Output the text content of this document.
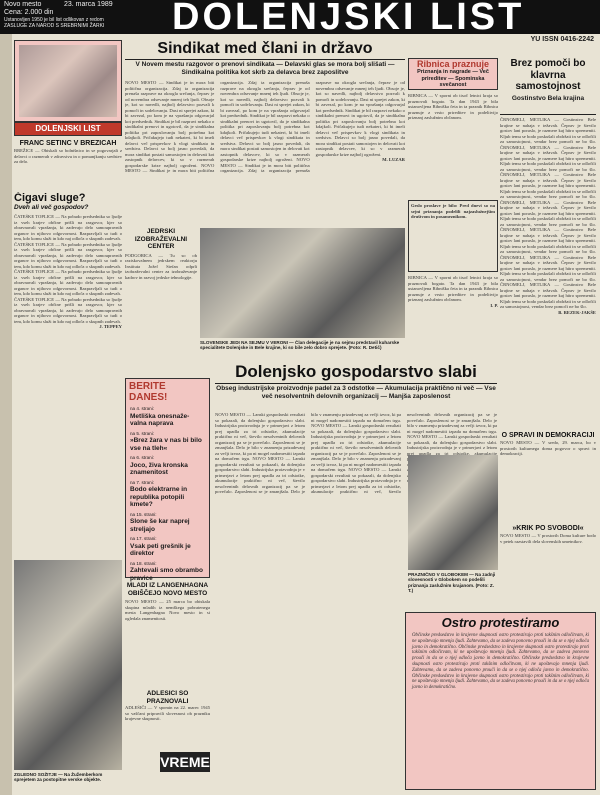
Novo mesto	23. marca 1989
Cena: 2.000 din
Ustanovljen 1950 je bil list odlikovan z redom
ZASLUGE ZA NAROD S SREBRNIMI ŽARKI DOLENJSKI LIST
YU ISSN 0416-2242
Sindikat med člani in državo
V Novem mestu razgovor o prenovi sindikata — Delavski glas se mora bolj slišati — Sindikalna politika kot skrb za delavca brez zaposlitve
NOVO MESTO — Sindikat je in mora biti politična organizacija. Zdaj ta organizacija prenaša razprave na okrogla srečanja, čeprav je od novembra odsevanje mnenj teh ljudi. Obsoje je, kot so navedli, najbolj delavstvo pozvali k pomoči in sodelovanju. Dasi ni sprejet zakon, ki bi zavezal, po kom je na vprašanja odgovarjal kot predsednik. Sindikat je bil razpravi nekako o sindikalni prenovi in ugotovil, da je sindikalna politika pri zaposlovanju bolj potrebna kot kdajkoli. Pričakujejo tudi nekateri, ki bi imeli delavci več prispevkov k vlogi sindikata in sredstva. Delavci so bolj jasno povedali, da mora sindikat postati samostojen in delovati kot zastopnik delavcev, ki so v razmerah gospodarske krize najbolj ogroženi. NOVO MESTO — Sindikat je in mora biti politična organizacija. Zdaj ta organizacija prenaša razprave na okrogla srečanja, čeprav je od novembra odsevanje mnenj teh ljudi. Obsoje je, kot so navedli, najbolj delavstvo pozvali k pomoči in sodelovanju. Dasi ni sprejet zakon, ki bi zavezal, po kom je na vprašanja odgovarjal kot predsednik. Sindikat je bil razpravi nekako o sindikalni prenovi in ugotovil, da je sindikalna politika pri zaposlovanju bolj potrebna kot kdajkoli. Pričakujejo tudi nekateri, ki bi imeli delavci več prispevkov k vlogi sindikata in sredstva. Delavci so bolj jasno povedali, da mora sindikat postati samostojen in delovati kot zastopnik delavcev, ki so v razmerah gospodarske krize najbolj ogroženi. NOVO MESTO — Sindikat je in mora biti politična organizacija. Zdaj ta organizacija prenaša razprave na okrogla srečanja, čeprav je od novembra odsevanje mnenj teh ljudi. Obsoje je, kot so navedli, najbolj delavstvo pozvali k pomoči in sodelovanju. Dasi ni sprejet zakon, ki bi zavezal, po kom je na vprašanja odgovarjal kot predsednik. Sindikat je bil razpravi nekako o sindikalni prenovi in ugotovil, da je sindikalna politika pri zaposlovanju bolj potrebna kot kdajkoli. Pričakujejo tudi nekateri, ki bi imeli delavci več prispevkov k vlogi sindikata in sredstva. Delavci so bolj jasno povedali, da mora sindikat postati samostojen in delovati kot zastopnik delavcev, ki so v razmerah gospodarske krize najbolj ogroženi.
M. LUZAR
DOLENJSKI LIST
FRANC ŠETINC V BREŽICAH
BREŽICE — Obiskali so bolnišnico in se pogovarjali z delavci o razmerah v zdravstvu in o pomanjkanju sredstev za delo.
Čigavi sluge?
Dveh ali več gospodov?
ČATEŠKE TOPLICE — Na pobudo predsednika so ljudje iz vseh krajev občine prišli na razgovor, kjer so obravnavali vprašanja, ki zadevajo delo samoupravnih organov in njihovo odgovornost. Razpravljali so tudi o tem, kdo komu služi in kdo naj odloča o skupnih zadevah.
ČATEŠKE TOPLICE — Na pobudo predsednika so ljudje iz vseh krajev občine prišli na razgovor, kjer so obravnavali vprašanja, ki zadevajo delo samoupravnih organov in njihovo odgovornost. Razpravljali so tudi o tem, kdo komu služi in kdo naj odloča o skupnih zadevah.
ČATEŠKE TOPLICE — Na pobudo predsednika so ljudje iz vseh krajev občine prišli na razgovor, kjer so obravnavali vprašanja, ki zadevajo delo samoupravnih organov in njihovo odgovornost. Razpravljali so tudi o tem, kdo komu služi in kdo naj odloča o skupnih zadevah.
ČATEŠKE TOPLICE — Na pobudo predsednika so ljudje iz vseh krajev občine prišli na razgovor, kjer so obravnavali vprašanja, ki zadevajo delo samoupravnih organov in njihovo odgovornost. Razpravljali so tudi o tem, kdo komu služi in kdo naj odloča o skupnih zadevah.
J. TEPPEY
ZGLEDNO SOŽITJE — Na Žužemberkom sprejetem za postopitne verske objekte.
SLOVENSKE JEDI NA SEJMU V VERONI — Član delegacije je na sejmu predstavil kuharske specialitete Dolenjske in Bele krajine, ki so bile zelo dobro sprejete. (Foto: R. Detič)
JEDRSKI IZOBRAŽEVALNI CENTER
PODGORICA — Tu so ob raziskovalnem jedrskem reaktorju Instituta Jožef Stefan odprli izobraževalni center za izobraževanje kadrov in razvoj jedrske tehnologije.
Ribnica praznuje
Priznanja in nagrade — Več prireditev — Spominska svečanost
RIBNICA — V sporni ob tisoč letnici kraja so praznovali bogato. Ta dan 1943 je bila ustanovljena Ribniška četa in ta praznik Ribnica praznuje z vrsto prireditev in podelitvijo priznanj zaslužnim občanom.
Geslo proslave je bilo: Pred dnevi so na sejni priznanja podelili najzaslužnejšim društvom in posameznikom.
RIBNICA — V sporni ob tisoč letnici kraja so praznovali bogato. Ta dan 1943 je bila ustanovljena Ribniška četa in ta praznik Ribnica praznuje z vrsto prireditev in podelitvijo priznanj zaslužnim občanom.
I. P.
Brez pomoči bo klavrna samostojnost
Gostinstvo Bela krajina
ČRNOMELJ, METLIKA — Gostinstvo Bele krajine se nahaja v težavah. Čeprav je število gostov lani poraslo, je razmere kaj hitro spremeniti. Kljub temu se bodo poskušali obdržati in se odločili za samostojnost, vendar brez pomoči ne bo šlo. ČRNOMELJ, METLIKA — Gostinstvo Bele krajine se nahaja v težavah. Čeprav je število gostov lani poraslo, je razmere kaj hitro spremeniti. Kljub temu se bodo poskušali obdržati in se odločili za samostojnost, vendar brez pomoči ne bo šlo. ČRNOMELJ, METLIKA — Gostinstvo Bele krajine se nahaja v težavah. Čeprav je število gostov lani poraslo, je razmere kaj hitro spremeniti. Kljub temu se bodo poskušali obdržati in se odločili za samostojnost, vendar brez pomoči ne bo šlo. ČRNOMELJ, METLIKA — Gostinstvo Bele krajine se nahaja v težavah. Čeprav je število gostov lani poraslo, je razmere kaj hitro spremeniti. Kljub temu se bodo poskušali obdržati in se odločili za samostojnost, vendar brez pomoči ne bo šlo. ČRNOMELJ, METLIKA — Gostinstvo Bele krajine se nahaja v težavah. Čeprav je število gostov lani poraslo, je razmere kaj hitro spremeniti. Kljub temu se bodo poskušali obdržati in se odločili za samostojnost, vendar brez pomoči ne bo šlo. ČRNOMELJ, METLIKA — Gostinstvo Bele krajine se nahaja v težavah. Čeprav je število gostov lani poraslo, je razmere kaj hitro spremeniti. Kljub temu se bodo poskušali obdržati in se odločili za samostojnost, vendar brez pomoči ne bo šlo. ČRNOMELJ, METLIKA — Gostinstvo Bele krajine se nahaja v težavah. Čeprav je število gostov lani poraslo, je razmere kaj hitro spremeniti. Kljub temu se bodo poskušali obdržati in se odločili za samostojnost, vendar brez pomoči ne bo šlo.
B. REZEK-JAKŠE
O SPRAVI IN DEMOKRACIJI
NOVO MESTO — V sredo, 29. marca, bo v prostorih kulturnega doma pogovor o spravi in demokraciji.
»KRIK PO SVOBODI«
NOVO MESTO — V prostorih Doma kulture bodo v petek razstavili dela slovenskih umetnikov.
BERITE DANES!
na 4. strani:
Metliška onesnaže-valna naprava
na 5. strani:
»Brez žara v nas bi bilo vse na tleh«
na 6. strani:
Joco, živa kronska znamenitost
na 7. strani:
Bodo elektrarne in republika potopili kmete?
na 15. strani:
Slone še kar naprej streljajo
na 17. strani:
Vsak peti grešnik je direktor
na 18. strani:
Zahtevali smo obrambo pravice
Dolenjsko gospodarstvo slabi
Obseg industrijske proizvodnje padel za 3 odstotke — Akumulacija praktično ni več — Vse več nesolventnih delovnih organizacij — Manjša zaposlenost
NOVO MESTO — Lanski gospodarski rezultati so pokazali, da dolenjsko gospodarstvo slabi. Industrijska proizvodnja je v primerjavi z letom prej upadla za tri odstotke, akumulacije praktično ni več, število nesolventnih delovnih organizacij pa se je povečalo. Zaposlenost se je zmanjšala. Delo je bilo v znamenju prizadevanj za večji izvoz, ki pa ni mogel nadomestiti izpada na domačem trgu. NOVO MESTO — Lanski gospodarski rezultati so pokazali, da dolenjsko gospodarstvo slabi. Industrijska proizvodnja je v primerjavi z letom prej upadla za tri odstotke, akumulacije praktično ni več, število nesolventnih delovnih organizacij pa se je povečalo. Zaposlenost se je zmanjšala. Delo je bilo v znamenju prizadevanj za večji izvoz, ki pa ni mogel nadomestiti izpada na domačem trgu. NOVO MESTO — Lanski gospodarski rezultati so pokazali, da dolenjsko gospodarstvo slabi. Industrijska proizvodnja je v primerjavi z letom prej upadla za tri odstotke, akumulacije praktično ni več, število nesolventnih delovnih organizacij pa se je povečalo. Zaposlenost se je zmanjšala. Delo je bilo v znamenju prizadevanj za večji izvoz, ki pa ni mogel nadomestiti izpada na domačem trgu. NOVO MESTO — Lanski gospodarski rezultati so pokazali, da dolenjsko gospodarstvo slabi. Industrijska proizvodnja je v primerjavi z letom prej upadla za tri odstotke, akumulacije praktično ni več, število nesolventnih delovnih organizacij pa se je povečalo. Zaposlenost se je zmanjšala. Delo je bilo v znamenju prizadevanj za večji izvoz, ki pa ni mogel nadomestiti izpada na domačem trgu. NOVO MESTO — Lanski gospodarski rezultati so pokazali, da dolenjsko gospodarstvo slabi. Industrijska proizvodnja je v primerjavi z letom prej upadla za tri odstotke, akumulacije
MLADI IZ LANGENHAGNA OBIŠČEJO NOVO MESTO
NOVO MESTO — 25 marca bo obiskala skupina mladih iz nemškega pobratenega mesta Langenhagna Novo mesto in si ogledala znamenitosti.
ADLEŠIČI SO PRAZNOVALI
ADLEŠIČI — V spomin na 22. marec 1945 so vaščani pripravili slovesnost ob prazniku krajevne skupnosti.
VREME
PRAZNIČNO V GLOBOKEM — Na zadnji slovesnosti v Globokem so podelili priznanja zaslužnim krajanom. (Foto: Z. T.)
Ostro protestiramo
Občinske predsedstvo in krajevne skupnosti ostro protestirajo proti takšnim odločitvam, ki ne upoštevajo mnenja ljudi. Zahtevamo, da se zadeva ponovno prouči in da se o njej odloča javno in demokratično. Občinske predsedstvo in krajevne skupnosti ostro protestirajo proti takšnim odločitvam, ki ne upoštevajo mnenja ljudi. Zahtevamo, da se zadeva ponovno prouči in da se o njej odloča javno in demokratično. Občinske predsedstvo in krajevne skupnosti ostro protestirajo proti takšnim odločitvam, ki ne upoštevajo mnenja ljudi. Zahtevamo, da se zadeva ponovno prouči in da se o njej odloča javno in demokratično. Občinske predsedstvo in krajevne skupnosti ostro protestirajo proti takšnim odločitvam, ki ne upoštevajo mnenja ljudi. Zahtevamo, da se zadeva ponovno prouči in da se o njej odloča javno in demokratično.
